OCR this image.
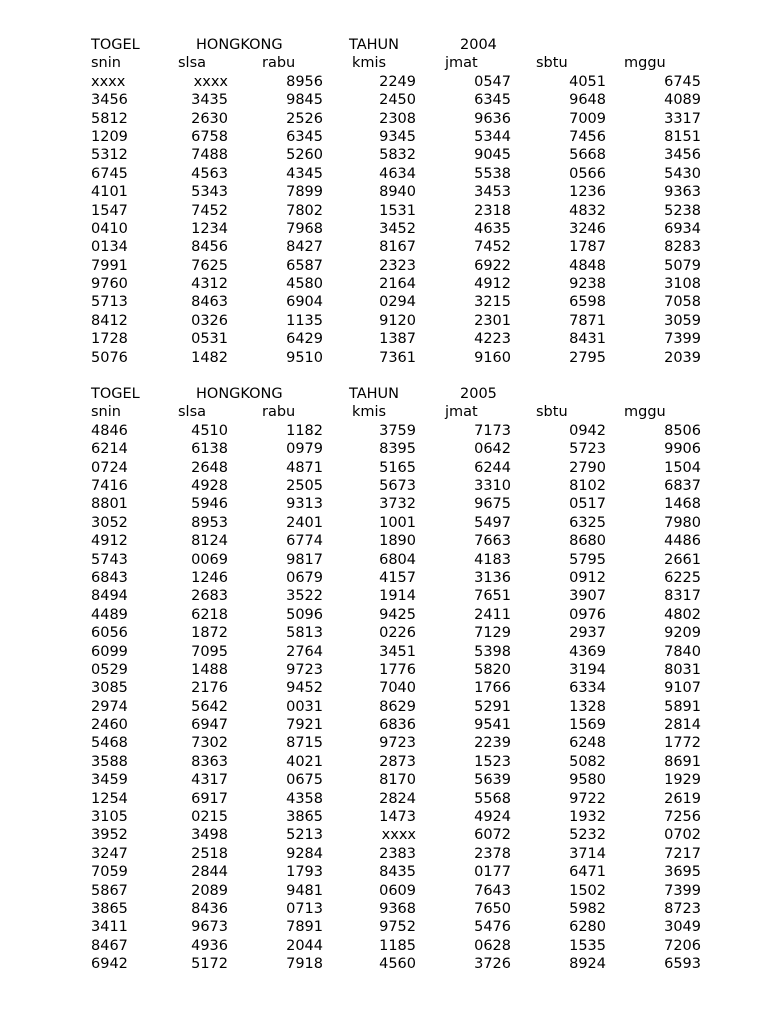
TOGEL	HONGKONG	TAHUN	2004
snin	slsa	rabu	kmis	jmat	sbtu	mggu
xxxx	xxxx	8956	2249	0547	4051	6745
3456	3435	9845	2450	6345	9648	4089
5812	2630	2526	2308	9636	7009	3317
1209	6758	6345	9345	5344	7456	8151
5312	7488	5260	5832	9045	5668	3456
6745	4563	4345	4634	5538	0566	5430
4101	5343	7899	8940	3453	1236	9363
1547	7452	7802	1531	2318	4832	5238
0410	1234	7968	3452	4635	3246	6934
0134	8456	8427	8167	7452	1787	8283
7991	7625	6587	2323	6922	4848	5079
9760	4312	4580	2164	4912	9238	3108
5713	8463	6904	0294	3215	6598	7058
8412	0326	1135	9120	2301	7871	3059
1728	0531	6429	1387	4223	8431	7399
5076	1482	9510	7361	9160	2795	2039
TOGEL	HONGKONG	TAHUN	2005
snin	slsa	rabu	kmis	jmat	sbtu	mggu
4846	4510	1182	3759	7173	0942	8506
6214	6138	0979	8395	0642	5723	9906
0724	2648	4871	5165	6244	2790	1504
7416	4928	2505	5673	3310	8102	6837
8801	5946	9313	3732	9675	0517	1468
3052	8953	2401	1001	5497	6325	7980
4912	8124	6774	1890	7663	8680	4486
5743	0069	9817	6804	4183	5795	2661
6843	1246	0679	4157	3136	0912	6225
8494	2683	3522	1914	7651	3907	8317
4489	6218	5096	9425	2411	0976	4802
6056	1872	5813	0226	7129	2937	9209
6099	7095	2764	3451	5398	4369	7840
0529	1488	9723	1776	5820	3194	8031
3085	2176	9452	7040	1766	6334	9107
2974	5642	0031	8629	5291	1328	5891
2460	6947	7921	6836	9541	1569	2814
5468	7302	8715	9723	2239	6248	1772
3588	8363	4021	2873	1523	5082	8691
3459	4317	0675	8170	5639	9580	1929
1254	6917	4358	2824	5568	9722	2619
3105	0215	3865	1473	4924	1932	7256
3952	3498	5213	xxxx	6072	5232	0702
3247	2518	9284	2383	2378	3714	7217
7059	2844	1793	8435	0177	6471	3695
5867	2089	9481	0609	7643	1502	7399
3865	8436	0713	9368	7650	5982	8723
3411	9673	7891	9752	5476	6280	3049
8467	4936	2044	1185	0628	1535	7206
6942	5172	7918	4560	3726	8924	6593
